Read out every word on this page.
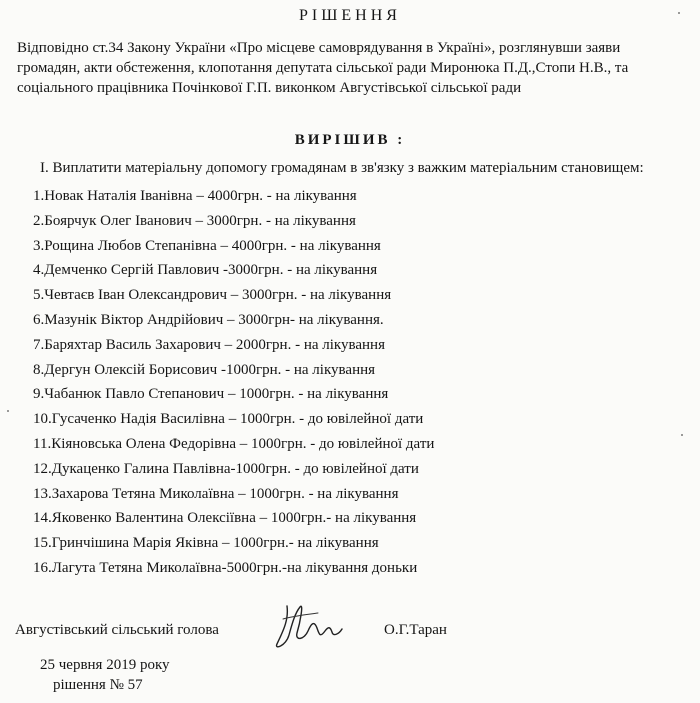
РІШЕННЯ
Відповідно ст.34 Закону України «Про місцеве самоврядування в Україні», розглянувши заяви
громадян, акти обстеження, клопотання депутата сільської ради Миронюка П.Д.,Стопи Н.В., та
соціального працівника Почінкової Г.П. виконком Августівської сільської ради
ВИРІШИВ :
І. Виплатити матеріальну допомогу громадянам в зв'язку з важким матеріальним становищем:
1.Новак Наталія Іванівна – 4000грн. - на лікування
2.Боярчук Олег Іванович – 3000грн. - на лікування
3.Рощина Любов Степанівна – 4000грн. - на лікування
4.Демченко Сергій Павлович -3000грн. - на лікування
5.Чевтаєв Іван Олександрович – 3000грн. - на лікування
6.Мазунік Віктор Андрійович – 3000грн- на лікування.
7.Баряхтар Василь Захарович – 2000грн. - на лікування
8.Дергун Олексій Борисович -1000грн. - на лікування
9.Чабанюк Павло Степанович – 1000грн. - на лікування
10.Гусаченко Надія Василівна – 1000грн. - до ювілейної дати
11.Кіяновська Олена Федорівна – 1000грн. - до ювілейної дати
12.Дукаценко Галина Павлівна-1000грн. - до ювілейної дати
13.Захарова Тетяна Миколаївна – 1000грн. - на лікування
14.Яковенко Валентина Олексіївна – 1000грн.- на лікування
15.Гринчішина Марія Яківна – 1000грн.- на лікування
16.Лагута Тетяна Миколаївна-5000грн.-на лікування доньки
Августівський сільський голова	О.Г.Таран
25 червня 2019 року
рішення № 57
